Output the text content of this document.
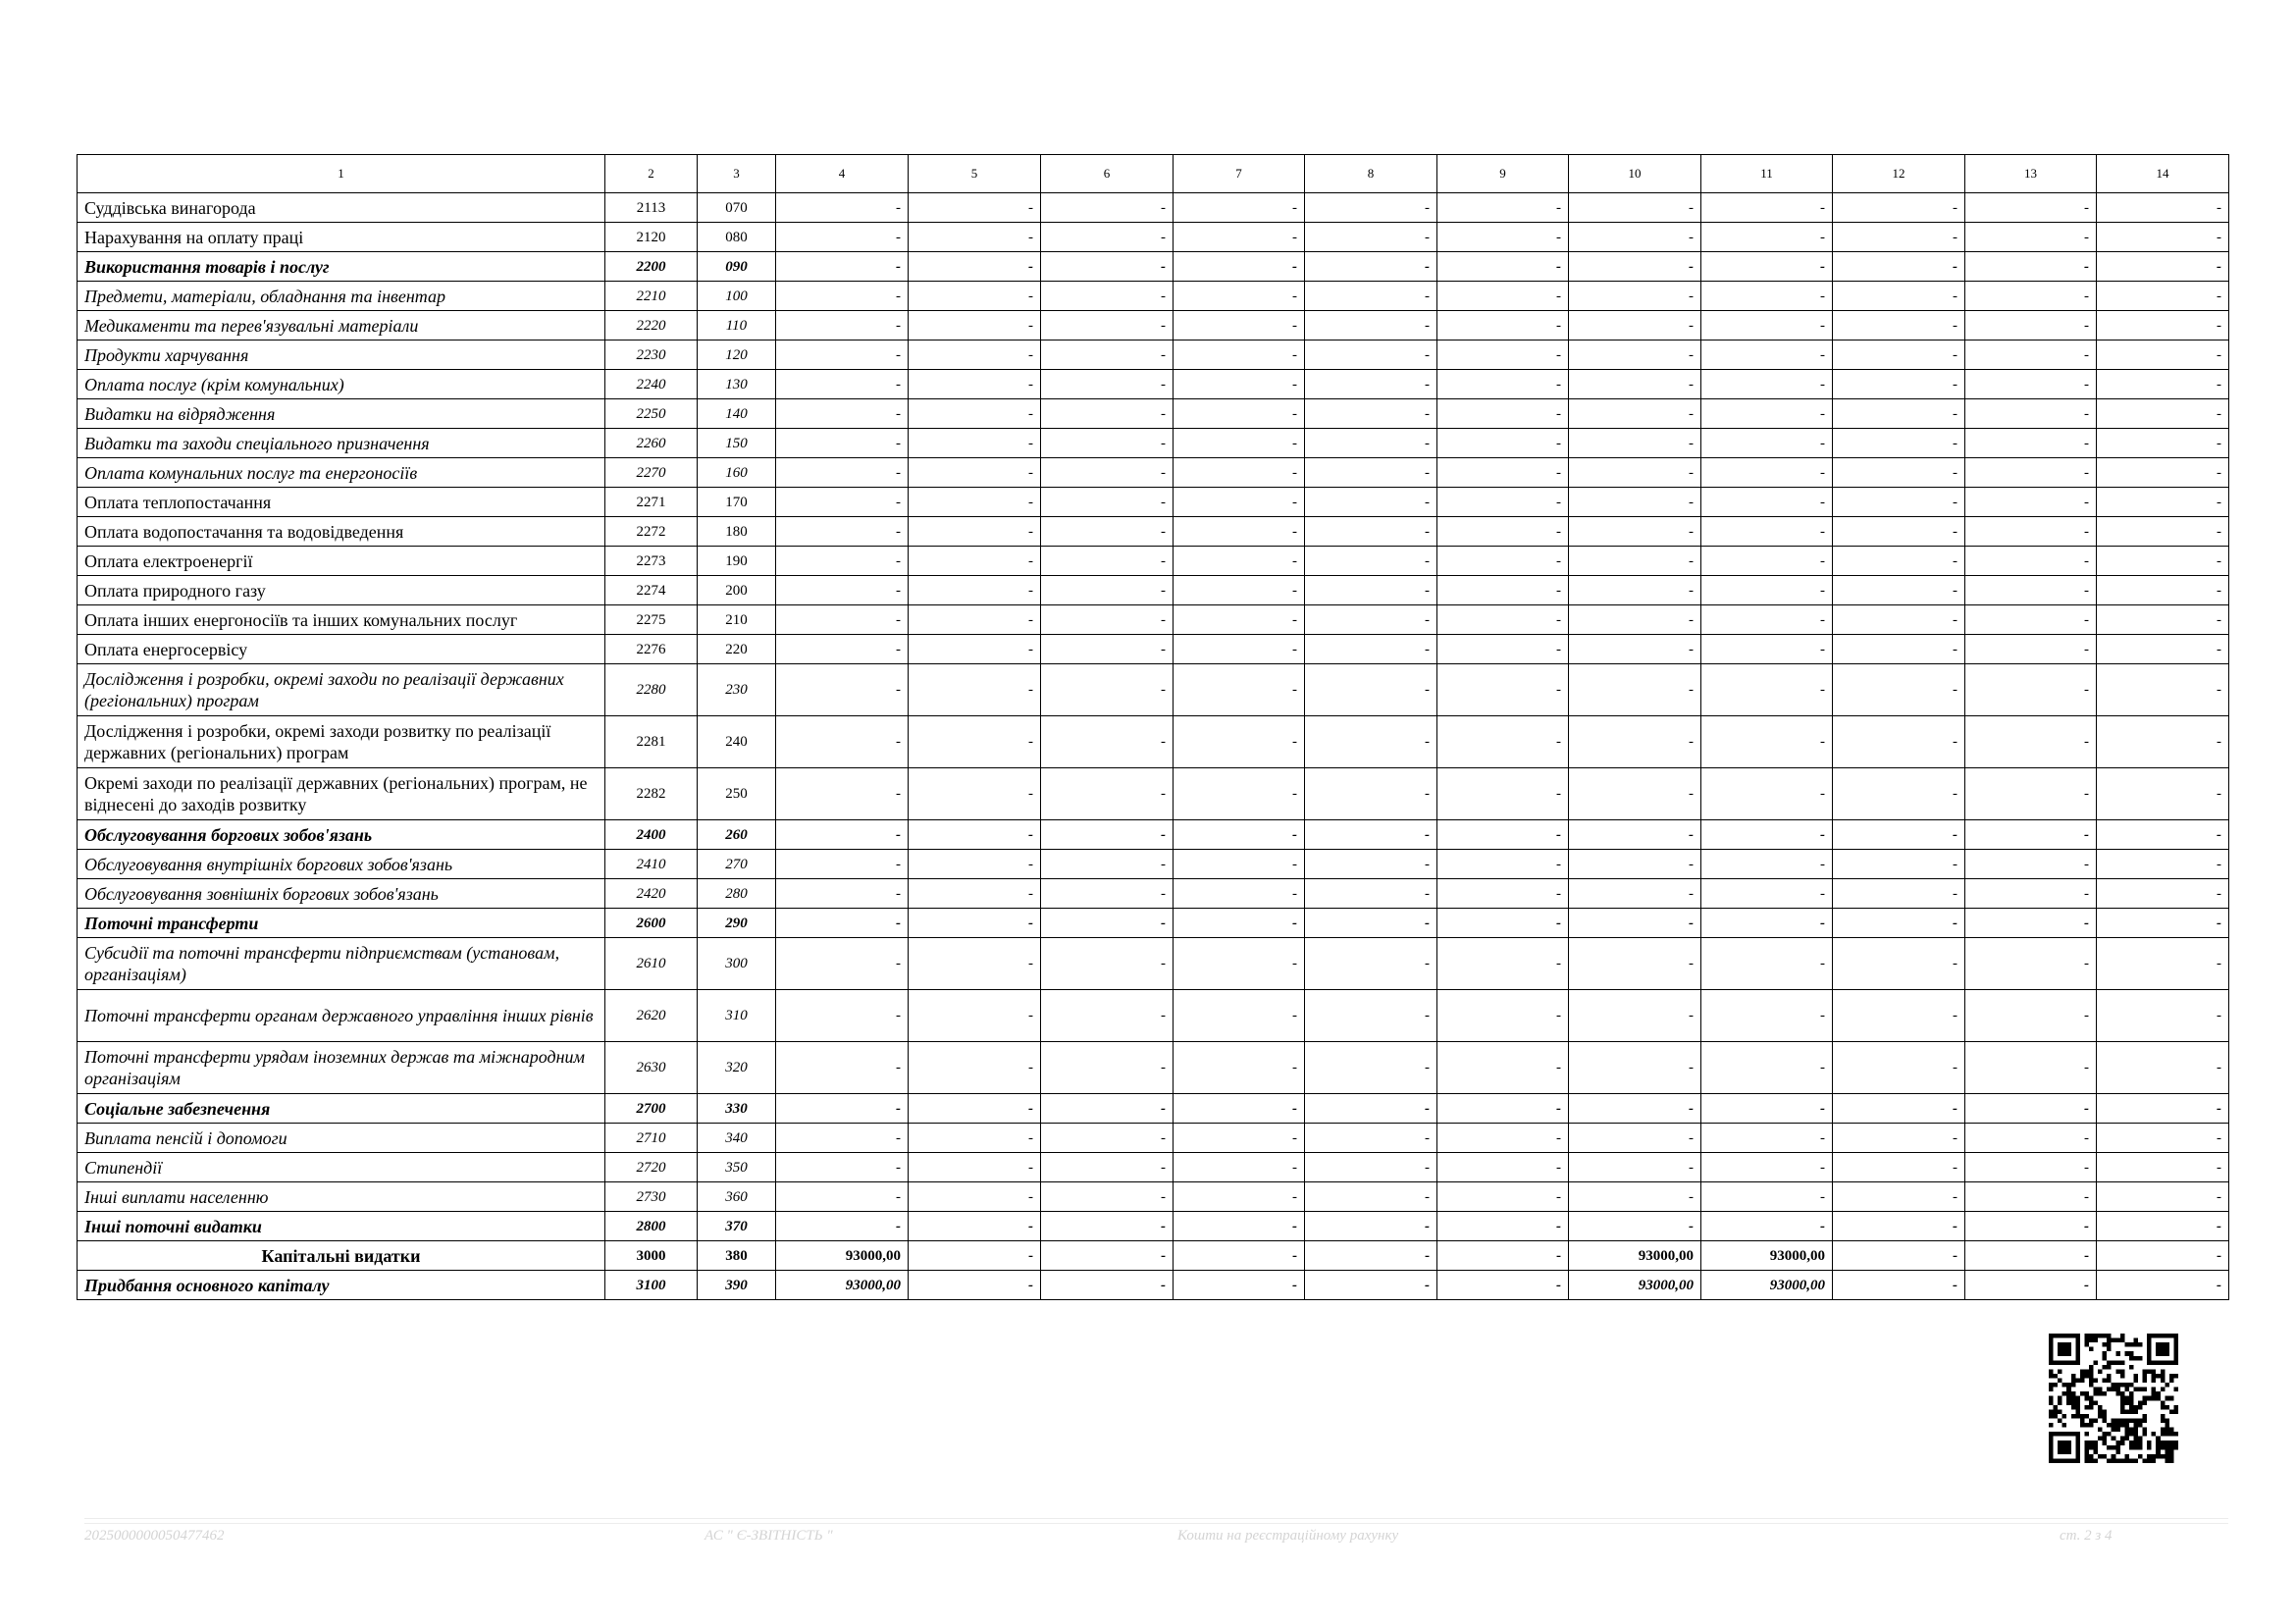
1	2	3	4	5	6	7	8	9	10	11	12	13	14
Суддівська винагорода	2113	070	-	-	-	-	-	-	-	-	-	-	-
Нарахування на оплату праці	2120	080	-	-	-	-	-	-	-	-	-	-	-
Використання товарів і послуг	2200	090	-	-	-	-	-	-	-	-	-	-	-
Предмети, матеріали, обладнання та інвентар	2210	100	-	-	-	-	-	-	-	-	-	-	-
Медикаменти та перев'язувальні матеріали	2220	110	-	-	-	-	-	-	-	-	-	-	-
Продукти харчування	2230	120	-	-	-	-	-	-	-	-	-	-	-
Оплата послуг (крім комунальних)	2240	130	-	-	-	-	-	-	-	-	-	-	-
Видатки на відрядження	2250	140	-	-	-	-	-	-	-	-	-	-	-
Видатки та заходи спеціального призначення	2260	150	-	-	-	-	-	-	-	-	-	-	-
Оплата комунальних послуг та енергоносіїв	2270	160	-	-	-	-	-	-	-	-	-	-	-
Оплата теплопостачання	2271	170	-	-	-	-	-	-	-	-	-	-	-
Оплата водопостачання та водовідведення	2272	180	-	-	-	-	-	-	-	-	-	-	-
Оплата електроенергії	2273	190	-	-	-	-	-	-	-	-	-	-	-
Оплата природного газу	2274	200	-	-	-	-	-	-	-	-	-	-	-
Оплата інших енергоносіїв та інших комунальних послуг	2275	210	-	-	-	-	-	-	-	-	-	-	-
Оплата енергосервісу	2276	220	-	-	-	-	-	-	-	-	-	-	-
Дослідження і розробки, окремі заходи по реалізації державних (регіональних) програм	2280	230	-	-	-	-	-	-	-	-	-	-	-
Дослідження і розробки, окремі заходи розвитку по реалізації державних (регіональних) програм	2281	240	-	-	-	-	-	-	-	-	-	-	-
Окремі заходи по реалізації державних (регіональних) програм, не віднесені до заходів розвитку	2282	250	-	-	-	-	-	-	-	-	-	-	-
Обслуговування боргових зобов'язань	2400	260	-	-	-	-	-	-	-	-	-	-	-
Обслуговування внутрішніх боргових зобов'язань	2410	270	-	-	-	-	-	-	-	-	-	-	-
Обслуговування зовнішніх боргових зобов'язань	2420	280	-	-	-	-	-	-	-	-	-	-	-
Поточні трансферти	2600	290	-	-	-	-	-	-	-	-	-	-	-
Субсидії та поточні трансферти підприємствам (установам, організаціям)	2610	300	-	-	-	-	-	-	-	-	-	-	-
Поточні трансферти органам державного управління інших рівнів	2620	310	-	-	-	-	-	-	-	-	-	-	-
Поточні трансферти урядам іноземних держав та міжнародним організаціям	2630	320	-	-	-	-	-	-	-	-	-	-	-
Соціальне забезпечення	2700	330	-	-	-	-	-	-	-	-	-	-	-
Виплата пенсій і допомоги	2710	340	-	-	-	-	-	-	-	-	-	-	-
Стипендії	2720	350	-	-	-	-	-	-	-	-	-	-	-
Інші виплати населенню	2730	360	-	-	-	-	-	-	-	-	-	-	-
Інші поточні видатки	2800	370	-	-	-	-	-	-	-	-	-	-	-
Капітальні видатки	3000	380	93000,00	-	-	-	-	-	93000,00	93000,00	-	-	-
Придбання основного капіталу	3100	390	93000,00	-	-	-	-	-	93000,00	93000,00	-	-	-
2025000000050477462	АС " Є-ЗВІТНІСТЬ "	Кошти на реєстраційному рахунку	ст. 2 з 4
